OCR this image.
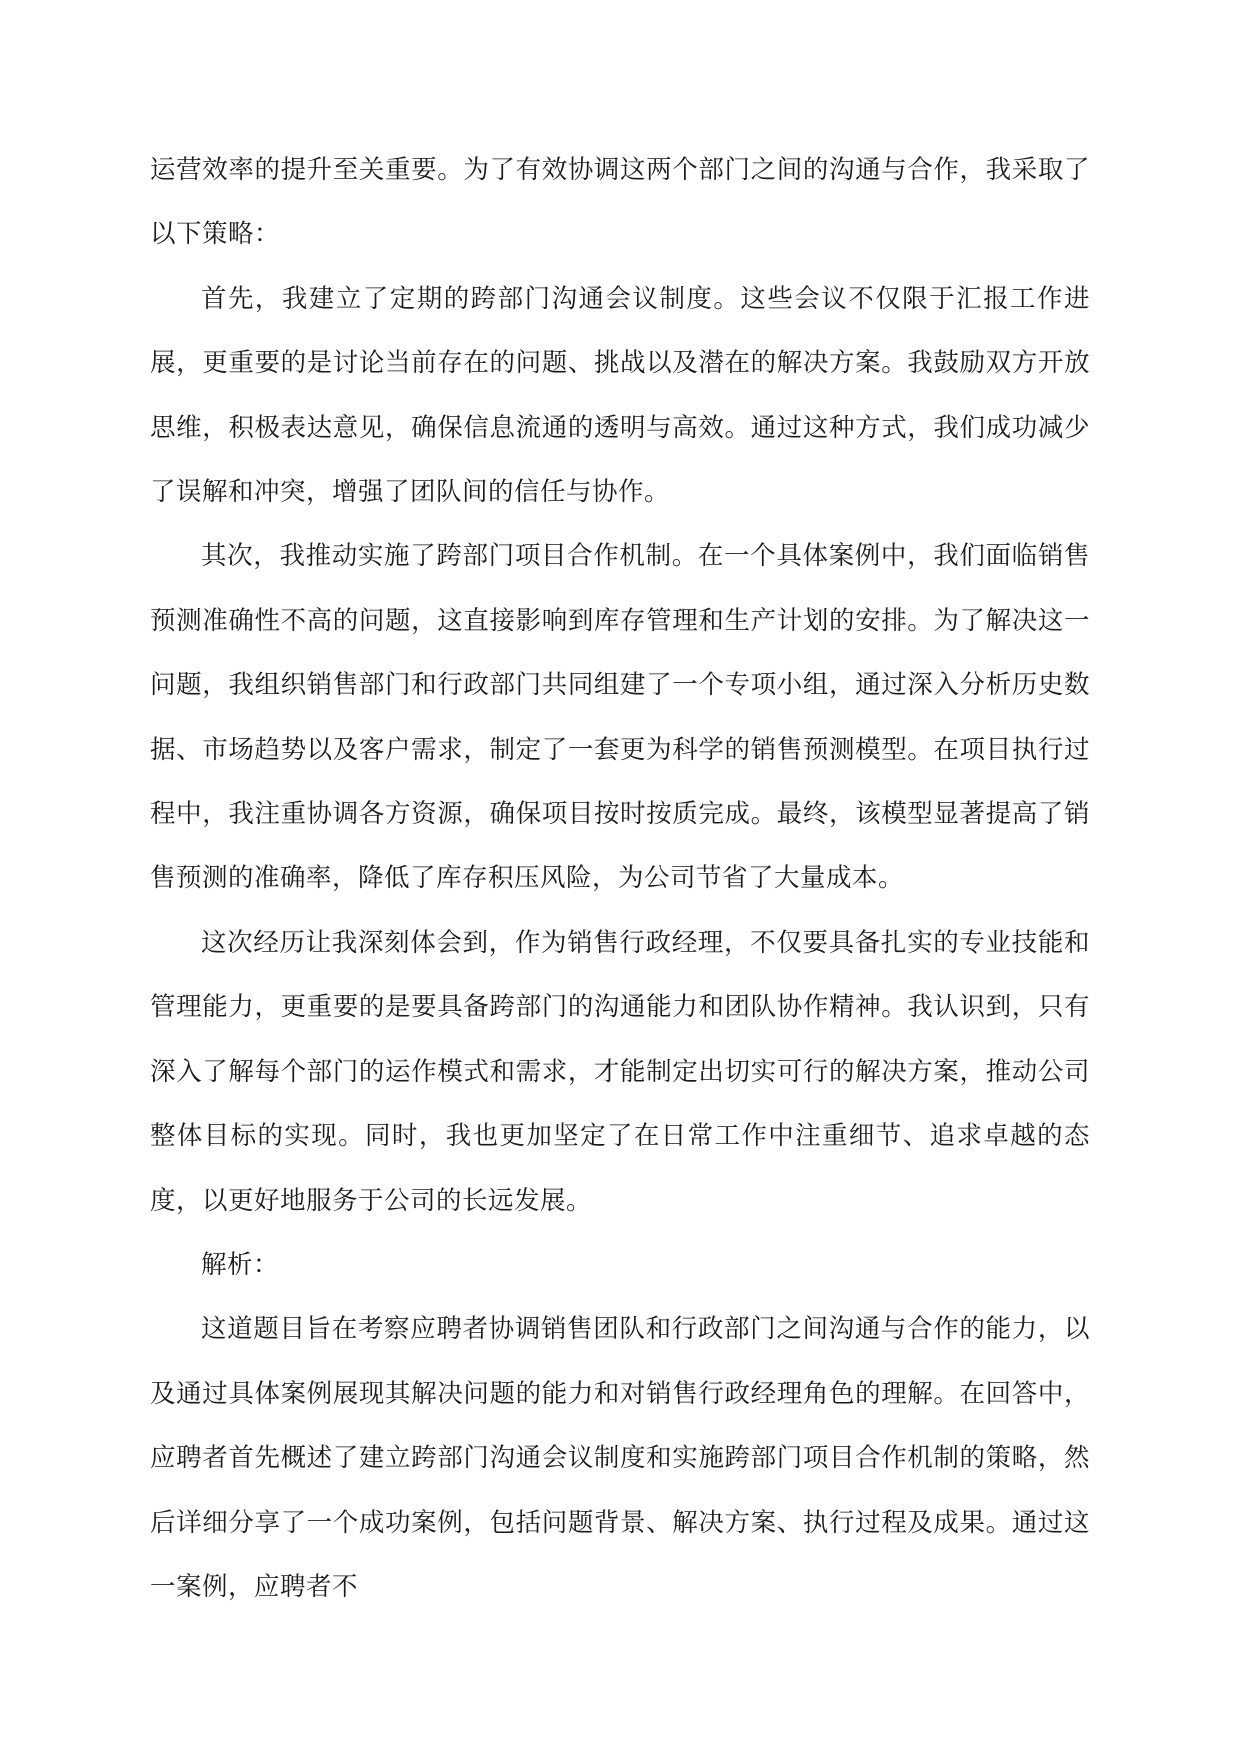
运营效率的提升至关重要。为了有效协调这两个部门之间的沟通与合作，我采取了以下策略：

首先，我建立了定期的跨部门沟通会议制度。这些会议不仅限于汇报工作进展，更重要的是讨论当前存在的问题、挑战以及潜在的解决方案。我鼓励双方开放思维，积极表达意见，确保信息流通的透明与高效。通过这种方式，我们成功减少了误解和冲突，增强了团队间的信任与协作。

其次，我推动实施了跨部门项目合作机制。在一个具体案例中，我们面临销售预测准确性不高的问题，这直接影响到库存管理和生产计划的安排。为了解决这一问题，我组织销售部门和行政部门共同组建了一个专项小组，通过深入分析历史数据、市场趋势以及客户需求，制定了一套更为科学的销售预测模型。在项目执行过程中，我注重协调各方资源，确保项目按时按质完成。最终，该模型显著提高了销售预测的准确率，降低了库存积压风险，为公司节省了大量成本。

这次经历让我深刻体会到，作为销售行政经理，不仅要具备扎实的专业技能和管理能力，更重要的是要具备跨部门的沟通能力和团队协作精神。我认识到，只有深入了解每个部门的运作模式和需求，才能制定出切实可行的解决方案，推动公司整体目标的实现。同时，我也更加坚定了在日常工作中注重细节、追求卓越的态度，以更好地服务于公司的长远发展。

解析：

这道题目旨在考察应聘者协调销售团队和行政部门之间沟通与合作的能力，以及通过具体案例展现其解决问题的能力和对销售行政经理角色的理解。在回答中，应聘者首先概述了建立跨部门沟通会议制度和实施跨部门项目合作机制的策略，然后详细分享了一个成功案例，包括问题背景、解决方案、执行过程及成果。通过这一案例，应聘者不
